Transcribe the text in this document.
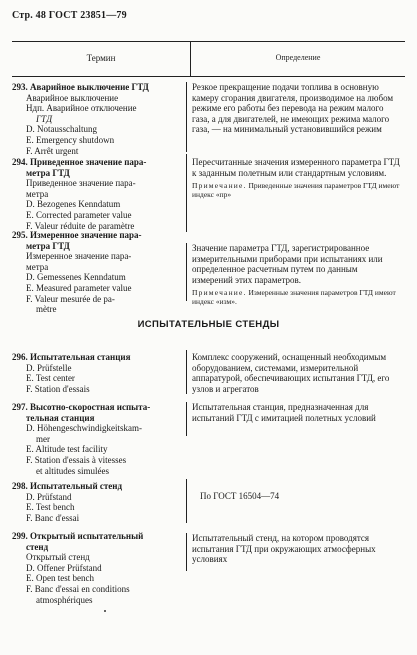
Стр. 48 ГОСТ 23851—79
Термин	Определение
293. Аварийное выключение ГТД
Аварийное выключение
Ндп. Аварийное отключение
ГТД
D. Notausschaltung
E. Emergency shutdown
F. Arrêt urgent
Резкое прекращение подачи топлива в основную камеру сгорания двигателя, производимое на любом режиме его работы без перевода на режим малого газа, а для двигателей, не имеющих режима малого газа, — на минимальный установившийся режим
294. Приведенное значение пара-
метра ГТД
Приведенное значение пара-
метра
D. Bezogenes Kenndatum
E. Corrected parameter value
F. Valeur réduite de paramètre
Пересчитанные значения измеренного параметра ГТД к заданным полетным или стандартным условиям.
Примечание. Приведенные значения параметров ГТД имеют индекс «пр»
295. Измеренное значение пара-
метра ГТД
Измеренное значение пара-
метра
D. Gemessenes Kenndatum
E. Measured parameter value
F. Valeur mesurée de pa-
mètre
Значение параметра ГТД, зарегистрированное измерительными приборами при испытаниях или определенное расчетным путем по данным измерений этих параметров.
Примечание. Измеренные значения параметров ГТД имеют индекс «изм».
ИСПЫТАТЕЛЬНЫЕ СТЕНДЫ
296. Испытательная станция
D. Prüfstelle
E. Test center
F. Station d'essais
Комплекс сооружений, оснащенный необходимым оборудованием, системами, измерительной аппаратурой, обеспечивающих испытания ГТД, его узлов и агрегатов
297. Высотно-скоростная испыта-
тельная станция
D. Höhengeschwindigkeitskam-
mer
E. Altitude test facility
F. Station d'essais à vitesses
et altitudes simulées
Испытательная станция, предназначенная для испытаний ГТД с имитацией полетных условий
298. Испытательный стенд
D. Prüfstand
E. Test bench
F. Banc d'essai
По ГОСТ 16504—74
299. Открытый испытательный
стенд
Открытый стенд
D. Offener Prüfstand
E. Open test bench
F. Banc d'essai en conditions
atmosphériques
Испытательный стенд, на котором проводятся испытания ГТД при окружающих атмосферных условиях
